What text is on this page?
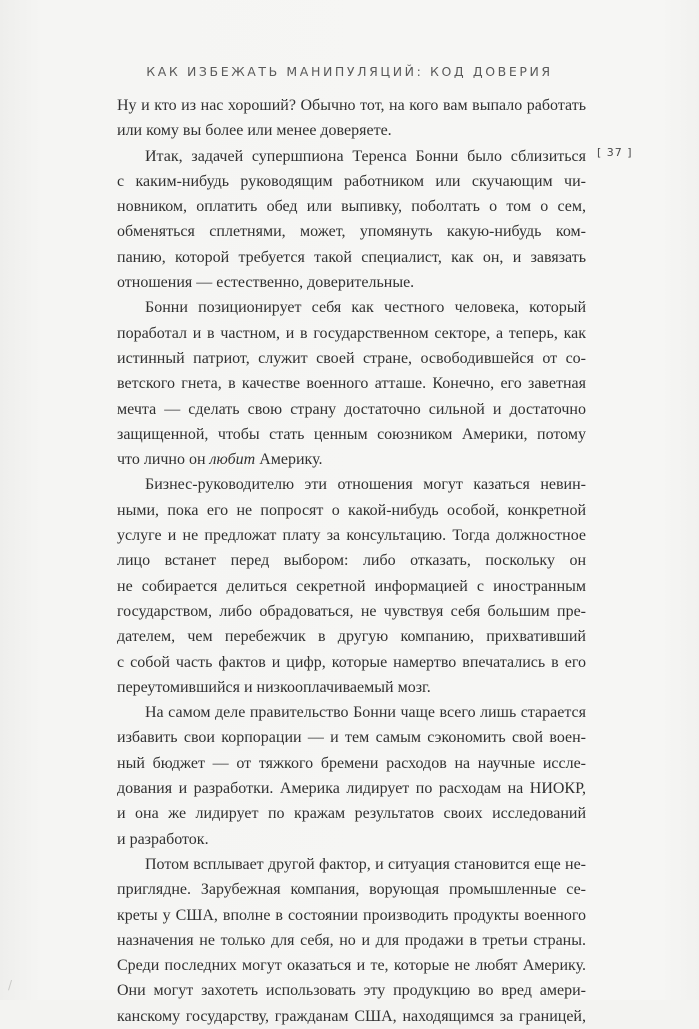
КАК ИЗБЕЖАТЬ МАНИПУЛЯЦИЙ: КОД ДОВЕРИЯ
[ 37 ]

Ну и кто из нас хороший? Обычно тот, на кого вам выпало работать
или кому вы более или менее доверяете.

Итак, задачей супершпиона Теренса Бонни было сблизиться
с каким-нибудь руководящим работником или скучающим чи-
новником, оплатить обед или выпивку, поболтать о том о сем,
обменяться сплетнями, может, упомянуть какую-нибудь ком-
панию, которой требуется такой специалист, как он, и завязать
отношения — естественно, доверительные.

Бонни позиционирует себя как честного человека, который
поработал и в частном, и в государственном секторе, а теперь, как
истинный патриот, служит своей стране, освободившейся от со-
ветского гнета, в качестве военного атташе. Конечно, его заветная
мечта — сделать свою страну достаточно сильной и достаточно
защищенной, чтобы стать ценным союзником Америки, потому
что лично он любит Америку.

Бизнес-руководителю эти отношения могут казаться невин-
ными, пока его не попросят о какой-нибудь особой, конкретной
услуге и не предложат плату за консультацию. Тогда должностное
лицо встанет перед выбором: либо отказать, поскольку он
не собирается делиться секретной информацией с иностранным
государством, либо обрадоваться, не чувствуя себя большим пре-
дателем, чем перебежчик в другую компанию, прихвативший
с собой часть фактов и цифр, которые намертво впечатались в его
переутомившийся и низкооплачиваемый мозг.

На самом деле правительство Бонни чаще всего лишь старается
избавить свои корпорации — и тем самым сэкономить свой воен-
ный бюджет — от тяжкого бремени расходов на научные иссле-
дования и разработки. Америка лидирует по расходам на НИОКР,
и она же лидирует по кражам результатов своих исследований
и разработок.

Потом всплывает другой фактор, и ситуация становится еще не-
приглядне. Зарубежная компания, ворующая промышленные се-
креты у США, вполне в состоянии производить продукты военного
назначения не только для себя, но и для продажи в третьи страны.
Среди последних могут оказаться и те, которые не любят Америку.
Они могут захотеть использовать эту продукцию во вред амери-
канскому государству, гражданам США, находящимся за границей,

/
